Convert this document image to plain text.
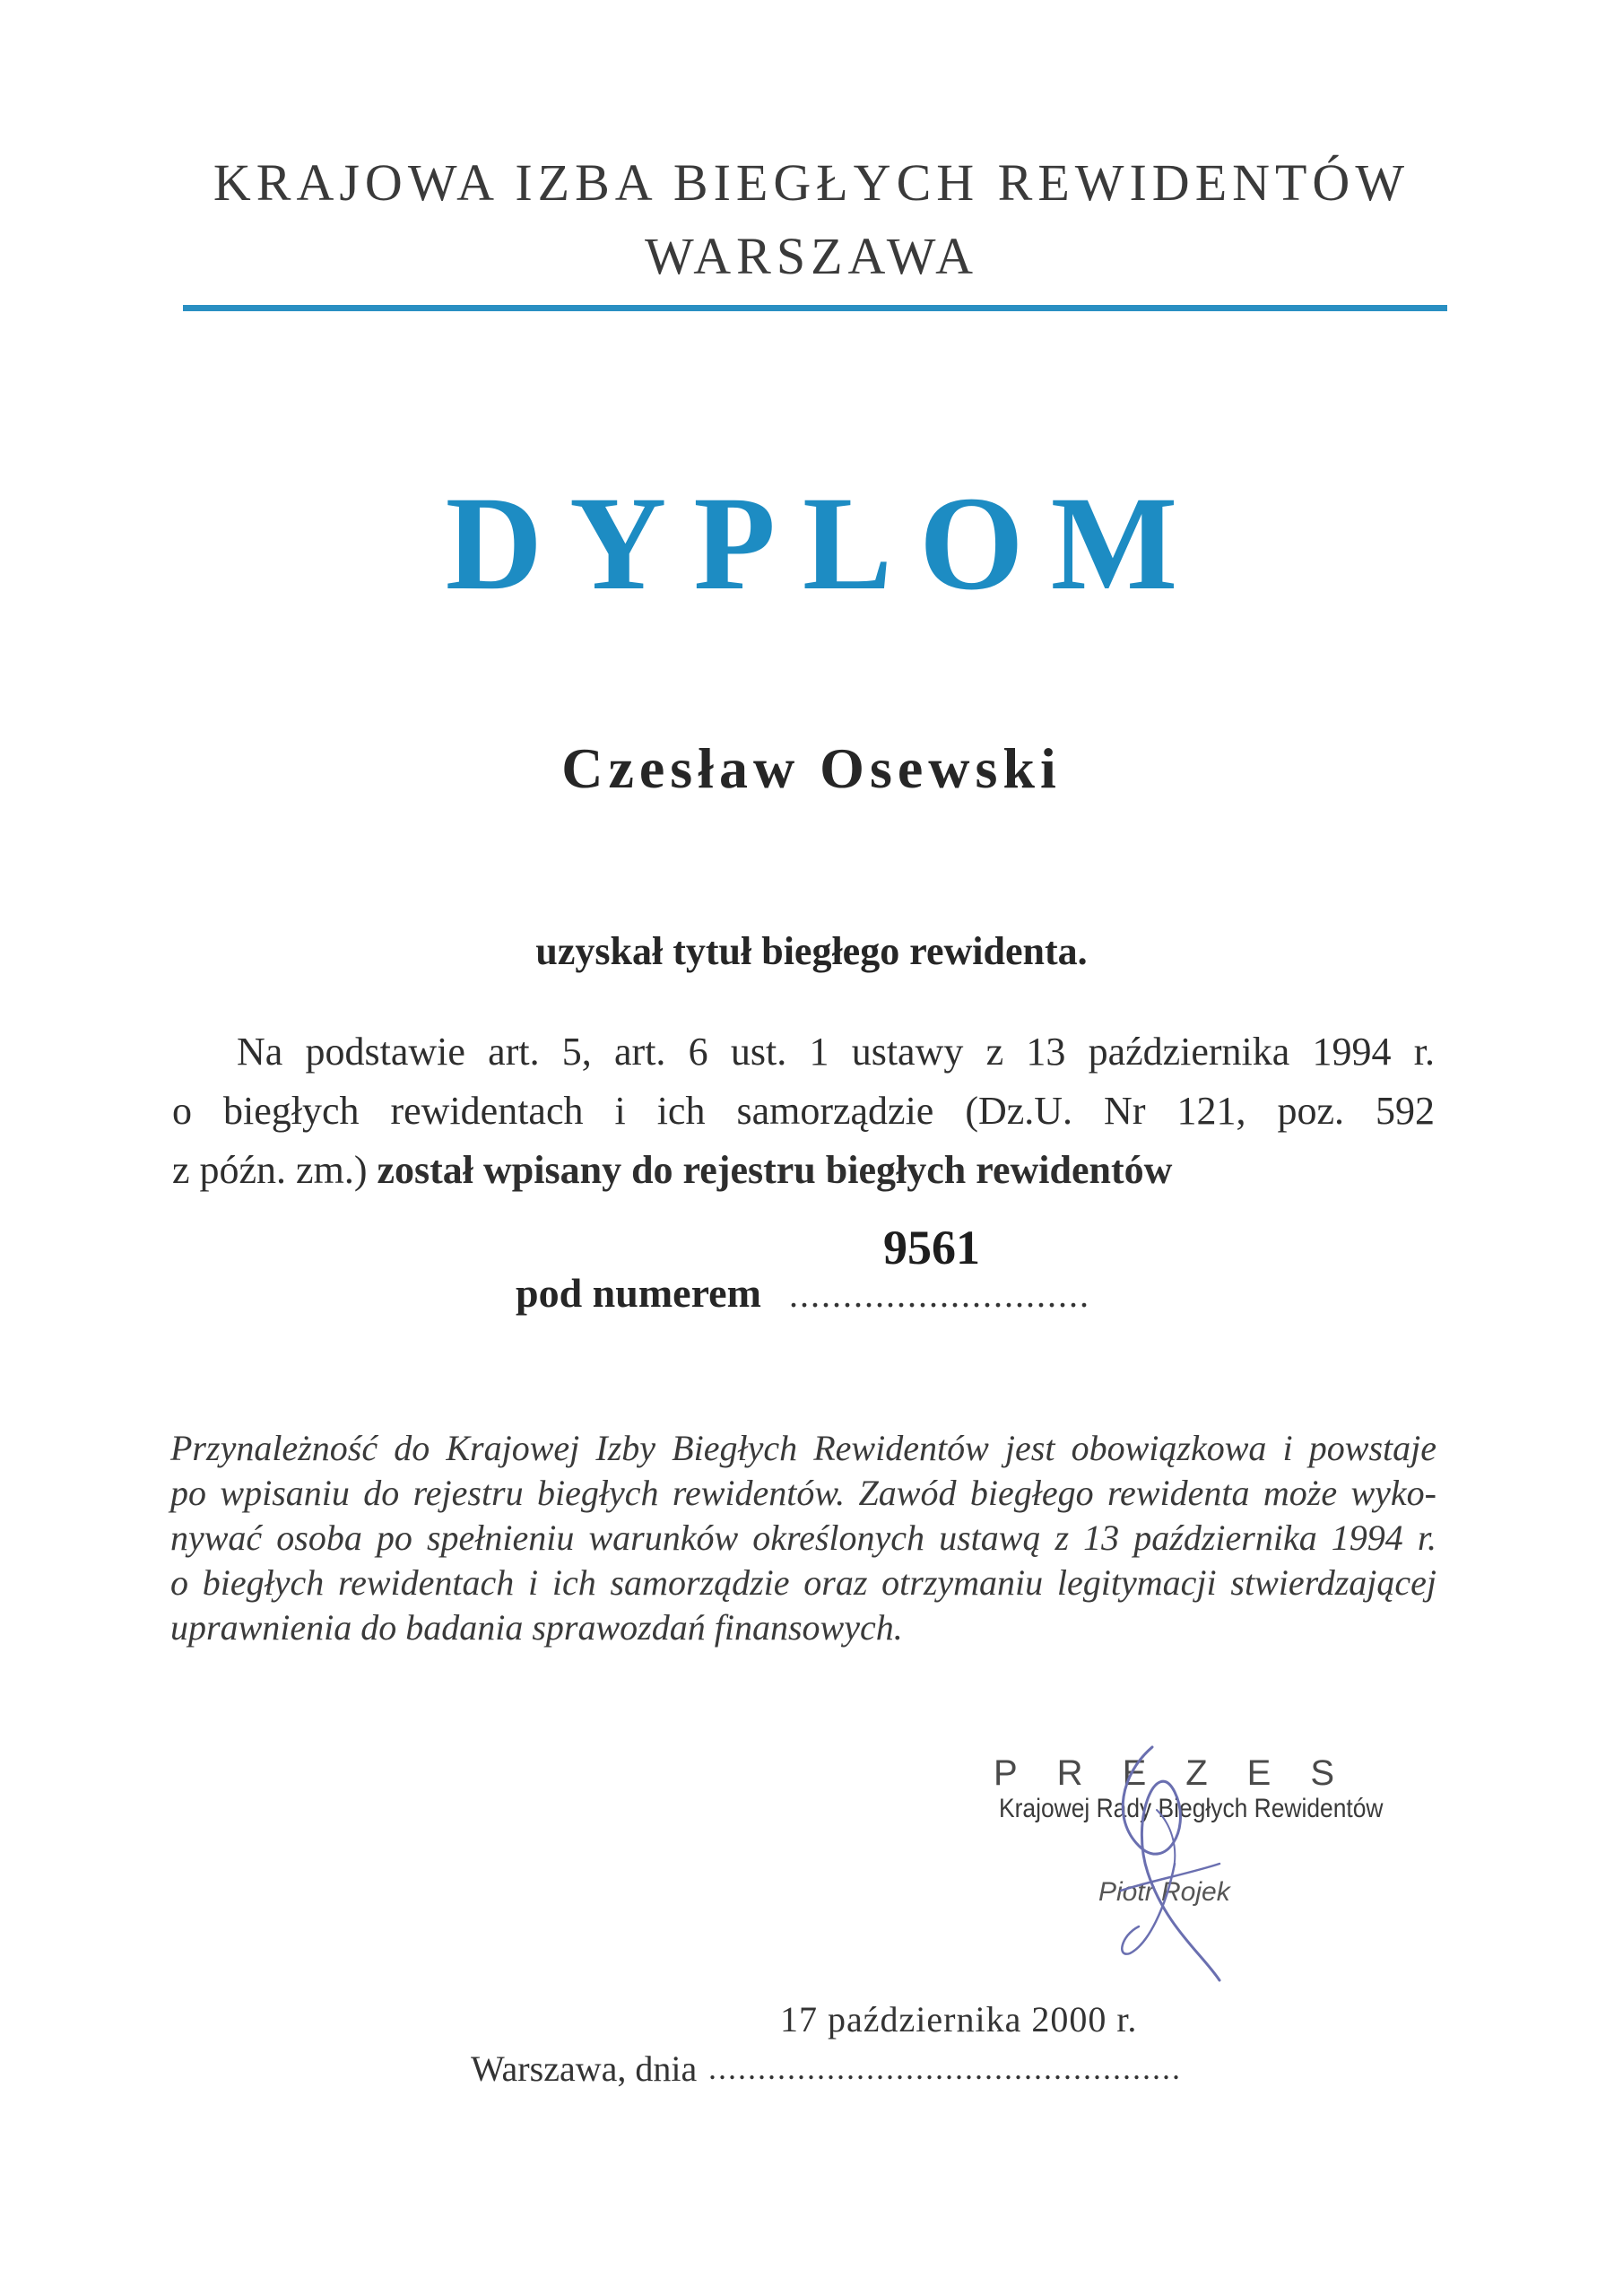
KRAJOWA IZBA BIEGŁYCH REWIDENTÓW
WARSZAWA
DYPLOM
Czesław Osewski
uzyskał tytuł biegłego rewidenta.
Na podstawie art. 5, art. 6 ust. 1 ustawy z 13 października 1994 r.
o biegłych rewidentach i ich samorządzie (Dz.U. Nr 121, poz. 592
z późn. zm.) został wpisany do rejestru biegłych rewidentów
9561
pod numerem ............................
Przynależność do Krajowej Izby Biegłych Rewidentów jest obowiązkowa i powstaje
po wpisaniu do rejestru biegłych rewidentów. Zawód biegłego rewidenta może wyko-
nywać osoba po spełnieniu warunków określonych ustawą z 13 października 1994 r.
o biegłych rewidentach i ich samorządzie oraz otrzymaniu legitymacji stwierdzającej
uprawnienia do badania sprawozdań finansowych.
PREZES
Krajowej Rady Biegłych Rewidentów
Piotr Rojek
17 października 2000 r.
Warszawa, dnia ................................................
